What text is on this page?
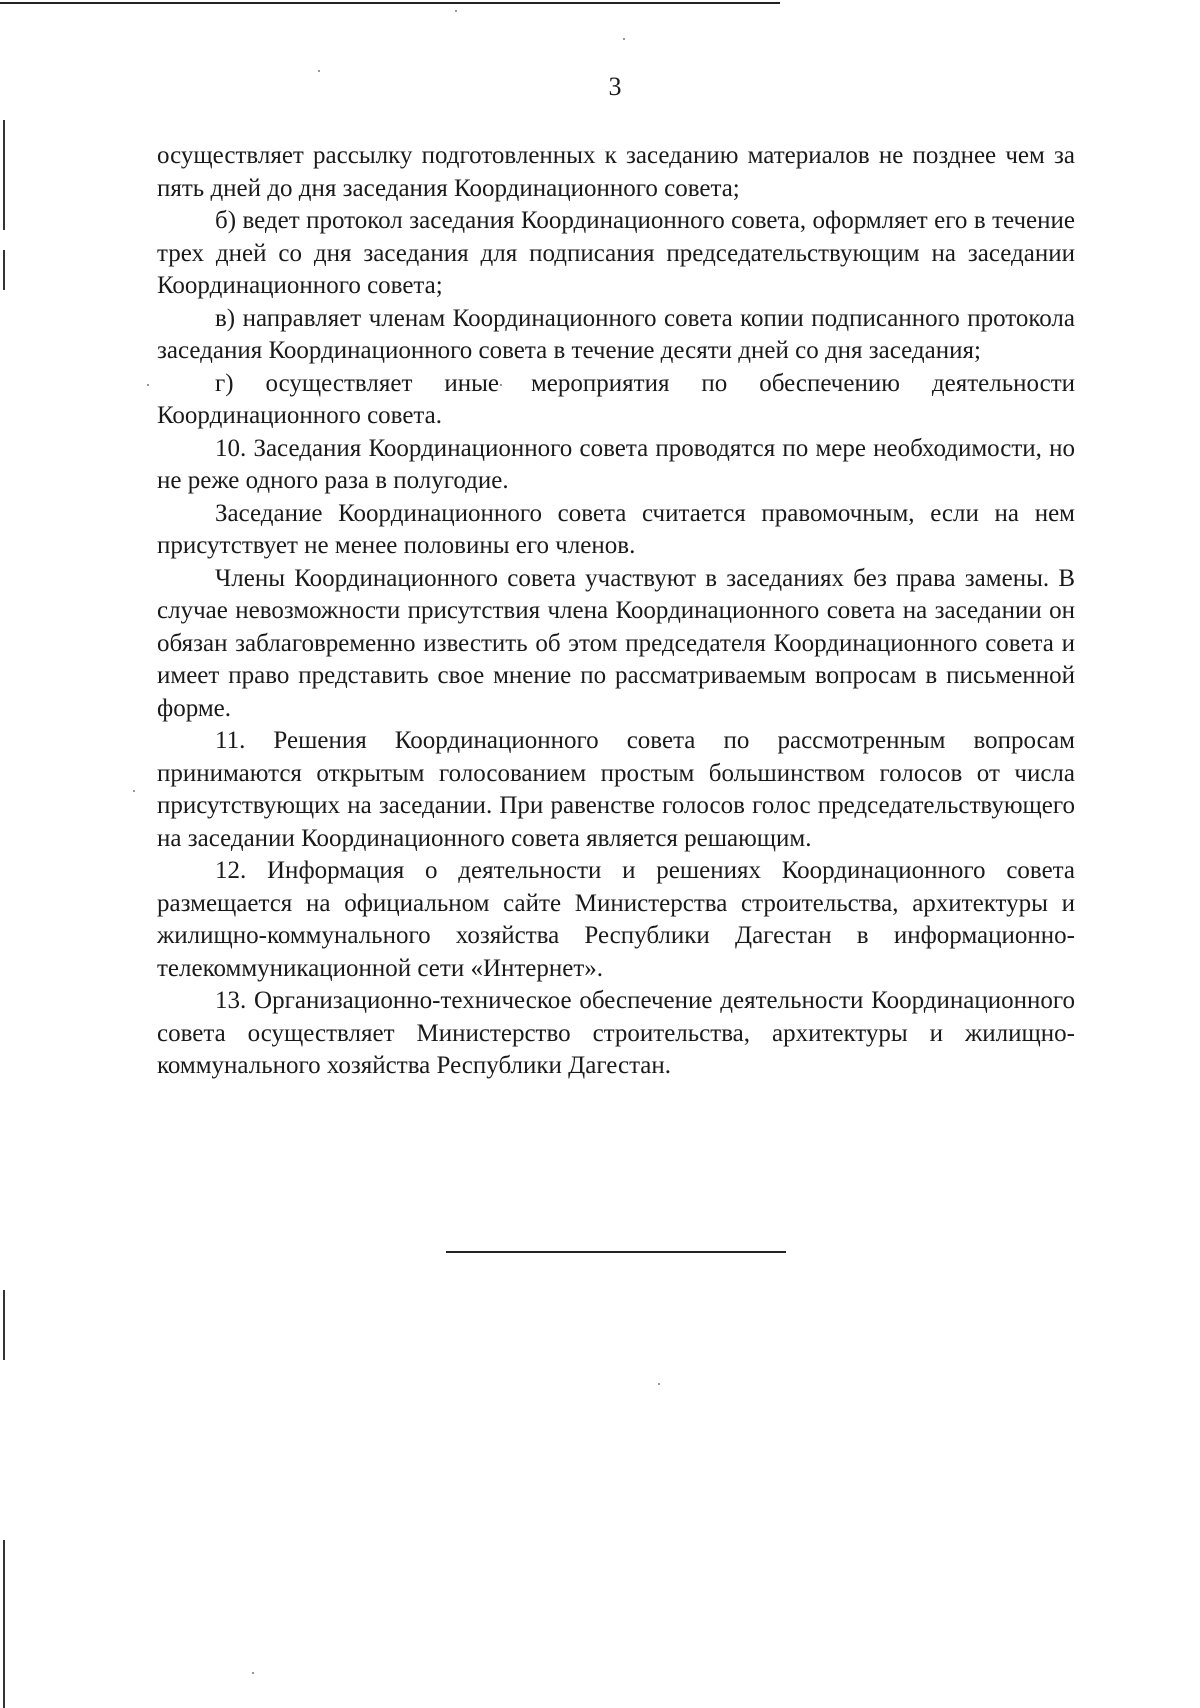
3

осуществляет рассылку подготовленных к заседанию материалов не позднее чем за пять дней до дня заседания Координационного совета;

б) ведет протокол заседания Координационного совета, оформляет его в течение трех дней со дня заседания для подписания председательствующим на заседании Координационного совета;

в) направляет членам Координационного совета копии подписанного протокола заседания Координационного совета в течение десяти дней со дня заседания;

г) осуществляет иные мероприятия по обеспечению деятельности Координационного совета.

10. Заседания Координационного совета проводятся по мере необходимости, но не реже одного раза в полугодие.

Заседание Координационного совета считается правомочным, если на нем присутствует не менее половины его членов.

Члены Координационного совета участвуют в заседаниях без права замены. В случае невозможности присутствия члена Координационного совета на заседании он обязан заблаговременно известить об этом председателя Координационного совета и имеет право представить свое мнение по рассматриваемым вопросам в письменной форме.

11. Решения Координационного совета по рассмотренным вопросам принимаются открытым голосованием простым большинством голосов от числа присутствующих на заседании. При равенстве голосов голос председательствующего на заседании Координационного совета является решающим.

12. Информация о деятельности и решениях Координационного совета размещается на официальном сайте Министерства строительства, архитектуры и жилищно-коммунального хозяйства Республики Дагестан в информационно-телекоммуникационной сети «Интернет».

13. Организационно-техническое обеспечение деятельности Координационного совета осуществляет Министерство строительства, архитектуры и жилищно-коммунального хозяйства Республики Дагестан.
